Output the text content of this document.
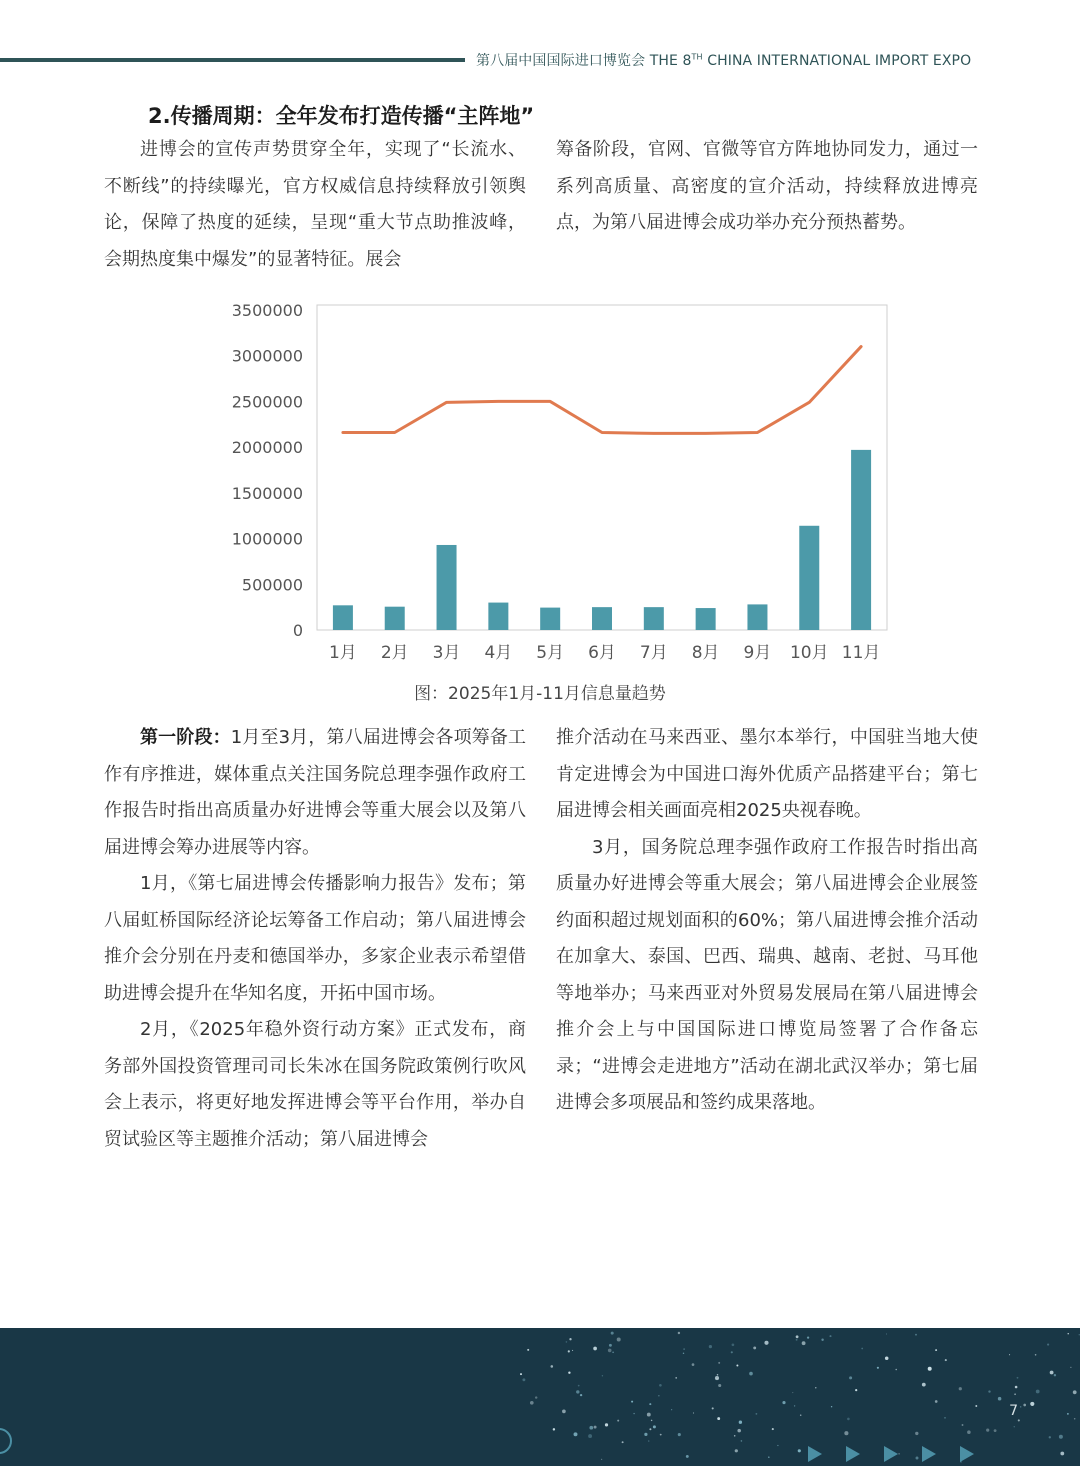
第八届中国国际进口博览会 THE 8TH CHINA INTERNATIONAL IMPORT EXPO
2.传播周期：全年发布打造传播“主阵地”

进博会的宣传声势贯穿全年，实现了“长流水、不断线”的持续曝光，官方权威信息持续释放引领舆论，保障了热度的延续，呈现“重大节点助推波峰，会期热度集中爆发”的显著特征。展会

筹备阶段，官网、官微等官方阵地协同发力，通过一系列高质量、高密度的宣介活动，持续释放进博亮点，为第八届进博会成功举办充分预热蓄势。

3500000
3000000
2500000
2000000
1500000
1000000
500000
0
1月 2月 3月 4月 5月 6月 7月 8月 9月 10月 11月
图：2025年1月-11月信息量趋势

第一阶段：1月至3月，第八届进博会各项筹备工作有序推进，媒体重点关注国务院总理李强作政府工作报告时指出高质量办好进博会等重大展会以及第八届进博会筹办进展等内容。

1月，《第七届进博会传播影响力报告》发布；第八届虹桥国际经济论坛筹备工作启动；第八届进博会推介会分别在丹麦和德国举办，多家企业表示希望借助进博会提升在华知名度，开拓中国市场。

2月，《2025年稳外资行动方案》正式发布，商务部外国投资管理司司长朱冰在国务院政策例行吹风会上表示，将更好地发挥进博会等平台作用，举办自贸试验区等主题推介活动；第八届进博会

推介活动在马来西亚、墨尔本举行，中国驻当地大使肯定进博会为中国进口海外优质产品搭建平台；第七届进博会相关画面亮相2025央视春晚。

3月，国务院总理李强作政府工作报告时指出高质量办好进博会等重大展会；第八届进博会企业展签约面积超过规划面积的60%；第八届进博会推介活动在加拿大、泰国、巴西、瑞典、越南、老挝、马耳他等地举办；马来西亚对外贸易发展局在第八届进博会推介会上与中国国际进口博览局签署了合作备忘录；“进博会走进地方”活动在湖北武汉举办；第七届进博会多项展品和签约成果落地。

7
